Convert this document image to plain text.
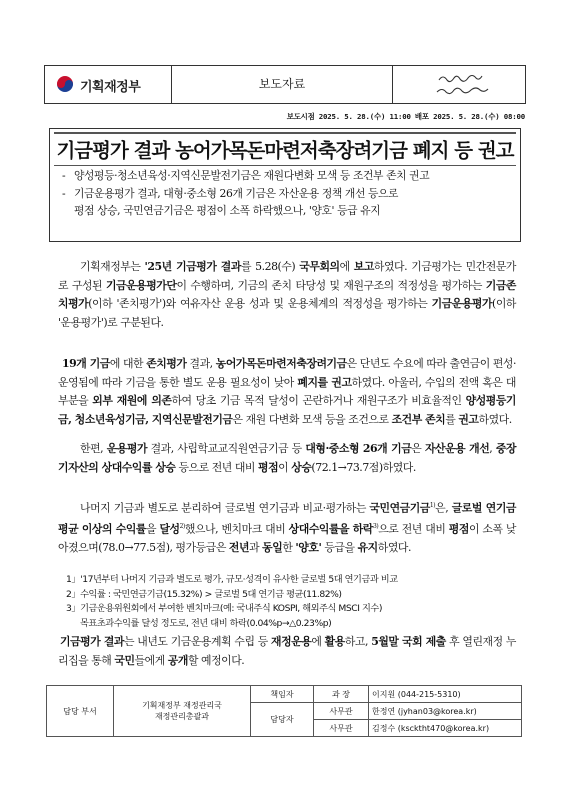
기획재정부	보도자료
보도시점 2025. 5. 28.(수) 11:00 배포 2025. 5. 28.(수) 08:00
기금평가 결과 농어가목돈마련저축장려기금 폐지 등 권고
- 양성평등·청소년육성·지역신문발전기금은 재원다변화 모색 등 조건부 존치 권고
- 기금운용평가 결과, 대형·중소형 26개 기금은 자산운용 정책 개선 등으로
평점 상승, 국민연금기금은 평점이 소폭 하락했으나, '양호' 등급 유지
기획재정부는 '25년 기금평가 결과를 5.28(수) 국무회의에 보고하였다. 기금평가는 민간전문가로 구성된 기금운용평가단이 수행하며, 기금의 존치 타당성 및 재원구조의 적정성을 평가하는 기금존치평가(이하 '존치평가')와 여유자산 운용 성과 및 운용체계의 적정성을 평가하는 기금운용평가(이하 '운용평가')로 구분된다.
19개 기금에 대한 존치평가 결과, 농어가목돈마련저축장려기금은 단년도 수요에 따라 출연금이 편성·운영됨에 따라 기금을 통한 별도 운용 필요성이 낮아 폐지를 권고하였다. 아울러, 수입의 전액 혹은 대부분을 외부 재원에 의존하여 당초 기금 목적 달성이 곤란하거나 재원구조가 비효율적인 양성평등기금, 청소년육성기금, 지역신문발전기금은 재원 다변화 모색 등을 조건으로 조건부 존치를 권고하였다.
한편, 운용평가 결과, 사립학교교직원연금기금 등 대형·중소형 26개 기금은 자산운용 개선, 중장기자산의 상대수익률 상승 등으로 전년 대비 평점이 상승(72.1→73.7점)하였다.
나머지 기금과 별도로 분리하여 글로벌 연기금과 비교·평가하는 국민연금기금$^{1)}$은, 글로벌 연기금 평균 이상의 수익률을 달성$^{2)}$했으나, 벤치마크 대비 상대수익률을 하락$^{3)}$으로 전년 대비 평점이 소폭 낮아졌으며(78.0→77.5점), 평가등급은 전년과 동일한 '양호' 등급을 유지하였다.
1」'17년부터 나머지 기금과 별도로 평가, 규모·성격이 유사한 글로벌 5대 연기금과 비교
2」수익률 : 국민연금기금(15.32%) > 글로벌 5대 연기금 평균(11.82%)
3」기금운용위원회에서 부여한 벤치마크(예: 국내주식 KOSPI, 해외주식 MSCI 지수)
목표초과수익률 달성 정도로, 전년 대비 하락(0.04%p→△0.23%p)
기금평가 결과는 내년도 기금운용계획 수립 등 재정운용에 활용하고, 5월말 국회 제출 후 열린재정 누리집을 통해 국민들에게 공개할 예정이다.
담당 부서	기획재정부 재정관리국
재정관리총괄과	책임자	과 장	이지원 (044-215-5310)
		담당자	사무관	한정연 (jyhan03@korea.kr)
			사무관	김정수 (kscktht470@korea.kr)
